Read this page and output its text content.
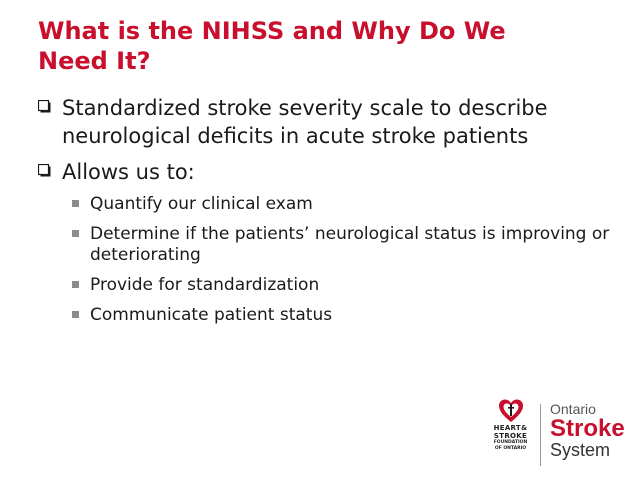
What is the NIHSS and Why Do We
Need It?
Standardized stroke severity scale to describe neurological deficits in acute stroke patients
Allows us to:
Quantify our clinical exam
Determine if the patients’ neurological status is improving or deteriorating
Provide for standardization
Communicate patient status
HEART&
STROKE
FOUNDATION
OF ONTARIO
Ontario
Stroke
System
